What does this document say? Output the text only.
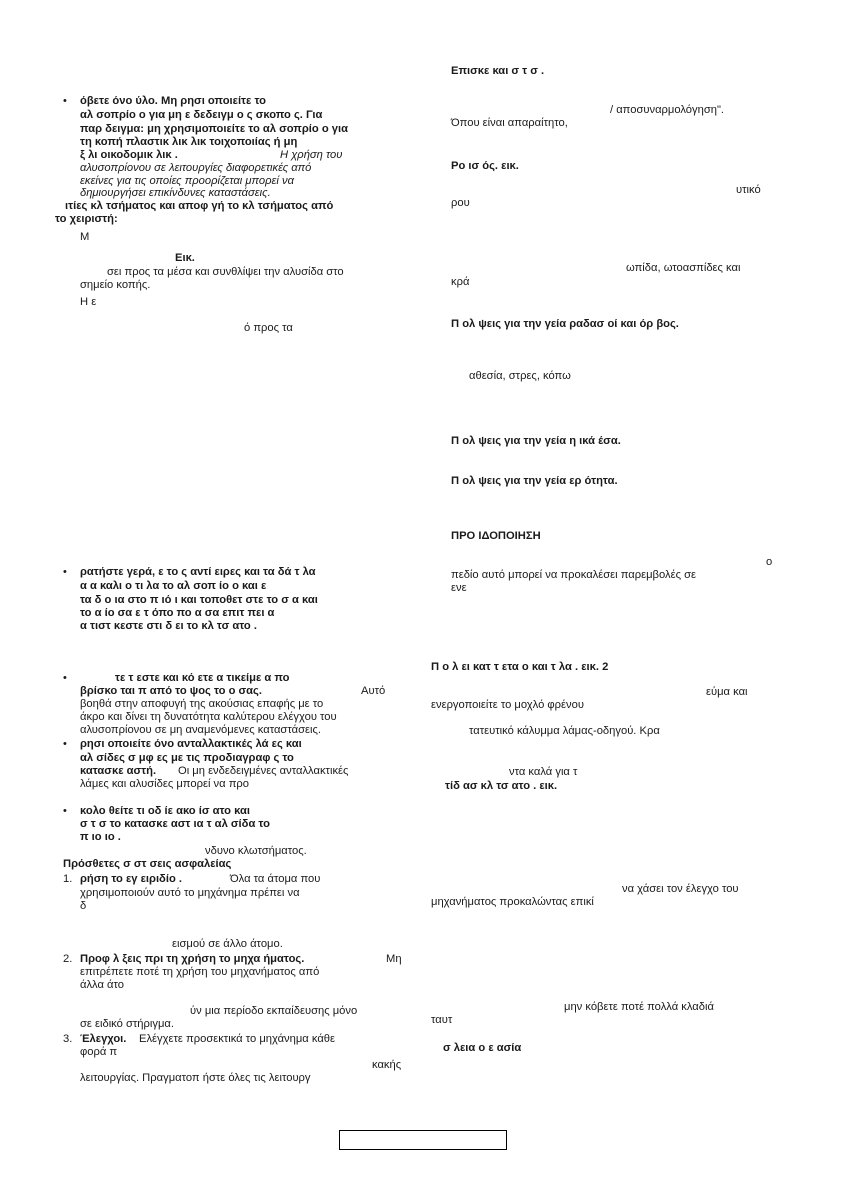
• όβετε όνο ύλο. Μη ρησι οποιείτε το
αλ σοπρίο ο για μη ε δεδειγμ ο ς σκοπο ς. Για
παρ δειγμα: μη χρησιμοποιείτε το αλ σοπρίο ο για
τη κοπή πλαστικ λικ λικ τοιχοποιίας ή μη
ξ λι οικοδομικ λικ .	Η χρήση του
αλυσοπρίονου σε λειτουργίες διαφορετικές από
εκείνες για τις οποίες προορίζεται μπορεί να
δημιουργήσει επικίνδυνες καταστάσεις.
ιτίες κλ τσήματος και αποφ γή το κλ τσήματος από
το χειριστή:
Μ
Εικ.
σει προς τα μέσα και συνθλίψει την αλυσίδα στο
σημείο κοπής.
Η ε
ό προς τα
• ρατήστε γερά, ε το ς αντί ειρες και τα δά τ λα
α α καλι ο τι λα το αλ σοπ ίο ο και ε
τα δ ο ια στο π ιό ι και τοποθετ στε το σ α και
το α ίο σα ε τ όπο πο α σα επιτ πει α
α τιστ κεστε στι δ ει το κλ τσ ατο .
•	τε τ εστε και κό ετε α τικείμε α πο
βρίσκο ται π από το ψος το ο σας.	Αυτό
βοηθά στην αποφυγή της ακούσιας επαφής με το
άκρο και δίνει τη δυνατότητα καλύτερου ελέγχου του
αλυσοπρίονου σε μη αναμενόμενες καταστάσεις.
• ρησι οποιείτε όνο ανταλλακτικές λά ες και
αλ σίδες σ μφ ες με τις προδιαγραφ ς το
κατασκε αστή. Οι μη ενδεδειγμένες ανταλλακτικές
λάμες και αλυσίδες μπορεί να προ
• κολο θείτε τι οδ ίε ακο ίσ ατο και
σ τ σ το κατασκε αστ ια τ αλ σίδα το
π ιο ιο .
νδυνο κλωτσήματος.
Πρόσθετες σ στ σεις ασφαλείας
1. ρήση το εγ ειριδίο .	Όλα τα άτομα που
χρησιμοποιούν αυτό το μηχάνημα πρέπει να
δ
εισμού σε άλλο άτομο.
2. Προφ λ ξεις πρι τη χρήση το μηχα ήματος.	Μη
επιτρέπετε ποτέ τη χρήση του μηχανήματος από
άλλα άτο
ύν μια περίοδο εκπαίδευσης μόνο
σε ειδικό στήριγμα.
3. Έλεγχοι. Ελέγχετε προσεκτικά το μηχάνημα κάθε
φορά π
κακής
λειτουργίας. Πραγματοπ ήστε όλες τις λειτουργ
Επισκε και σ τ σ .
/ αποσυναρμολόγηση".
Όπου είναι απαραίτητο,
Ρο ισ ός. εικ.
υτικό
ρου
ωπίδα, ωτοασπίδες και
κρά
Π ολ ψεις για την γεία ραδασ οί και όρ βος.
αθεσία, στρες, κόπω
Π ολ ψεις για την γεία η ικά έσα.
Π ολ ψεις για την γεία ερ ότητα.
ΠΡΟ ΙΔΟΠΟΙΗΣΗ
ο
πεδίο αυτό μπορεί να προκαλέσει παρεμβολές σε
ενε
Π ο λ ει κατ τ ετα ο και τ λα . εικ. 2
εύμα και
ενεργοποιείτε το μοχλό φρένου
τατευτικό κάλυμμα λάμας-οδηγού. Κρα
ντα καλά για τ
τίδ ασ κλ τσ ατο . εικ.
να χάσει τον έλεγχο του
μηχανήματος προκαλώντας επικί
μην κόβετε ποτέ πολλά κλαδιά
ταυτ
σ λεια ο ε ασία
